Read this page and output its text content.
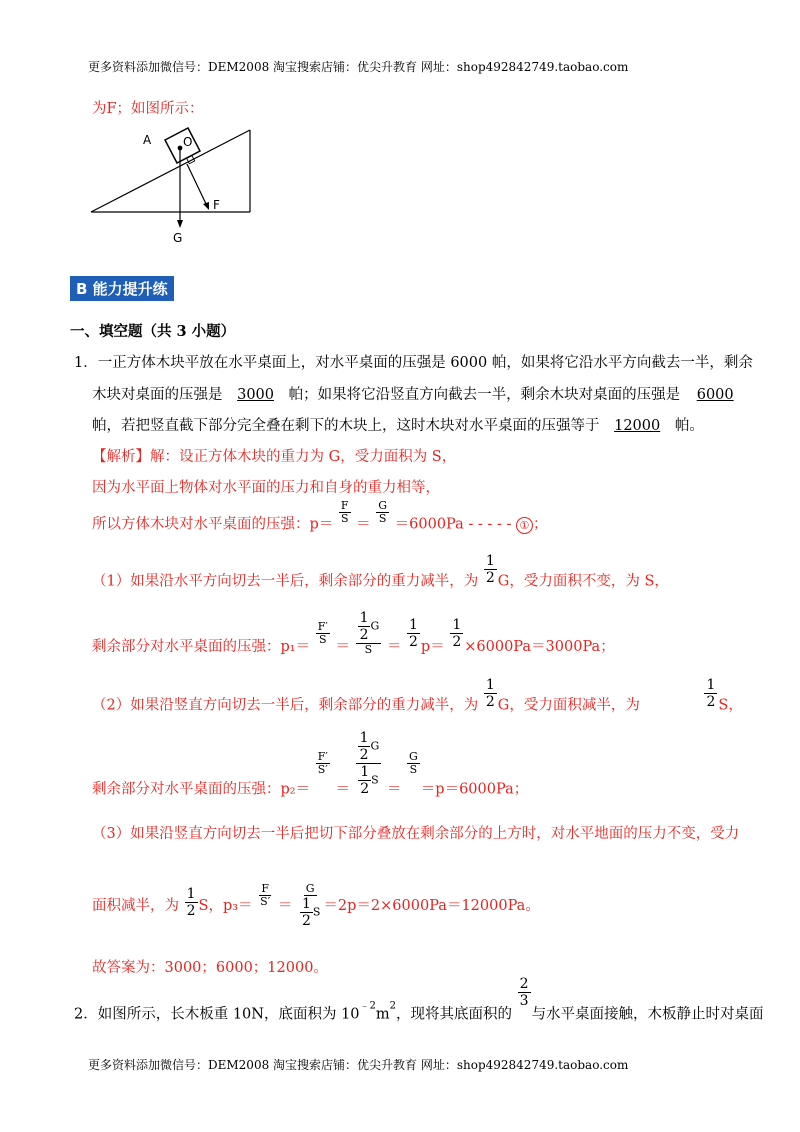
更多资料添加微信号：DEM2008 淘宝搜索店铺：优尖升教育 网址：shop492842749.taobao.com
为F；如图所示：
A	O
F
G
B 能力提升练
一、填空题（共 3 小题）
1．一正方体木块平放在水平桌面上，对水平桌面的压强是 6000 帕，如果将它沿水平方向截去一半，剩余
木块对桌面的压强是 3000 帕；如果将它沿竖直方向截去一半，剩余木块对桌面的压强是 6000
帕，若把竖直截下部分完全叠在剩下的木块上，这时木块对水平桌面的压强等于 12000 帕。
【解析】解：设正方体木块的重力为 G，受力面积为 S，
因为水平面上物体对水平面的压力和自身的重力相等，
所以方体木块对水平桌面的压强：$p= \frac{F}{S} = \frac{G}{S} =6000Pa$ - - - - - ① ；
（1）如果沿水平方向切去一半后，剩余部分的重力减半，为 $\frac{1}{2}$ G，受力面积不变，为 S，
剩余部分对水平桌面的压强：p₁＝
$\frac{F'}{S}$
＝ $\frac{\frac{1}{2} G}{S} = \frac{1}{2} p= \frac{1}{2} \times 6000Pa=3000Pa$；
（2）如果沿竖直方向切去一半后，剩余部分的重力减半，为 $\frac{1}{2}$ G，受力面积减半，为	$\frac{1}{2}$ S，
剩余部分对水平桌面的压强：p₂＝
$\frac{F'}{S'}$
＝ $\frac{\frac{1}{2} G}{\frac{1}{2} S}$ ＝
$\frac{G}{S}$
＝p＝6000Pa；
（3）如果沿竖直方向切去一半后把切下部分叠放在剩余部分的上方时，对水平地面的压力不变，受力
面积减半，为 $\frac{1}{2}$ S，$p_3= \frac{F}{S'} = \frac{G}{\frac{1}{2} S} =2p=2\times 6000Pa=12000Pa$。
故答案为：3000；6000；12000。
2．如图所示，长木板重 10N，底面积为 $10^{﹣2}m^2$，现将其底面积的
$\frac{2}{3}$
与水平桌面接触，木板静止时对桌面
更多资料添加微信号：DEM2008 淘宝搜索店铺：优尖升教育 网址：shop492842749.taobao.com
